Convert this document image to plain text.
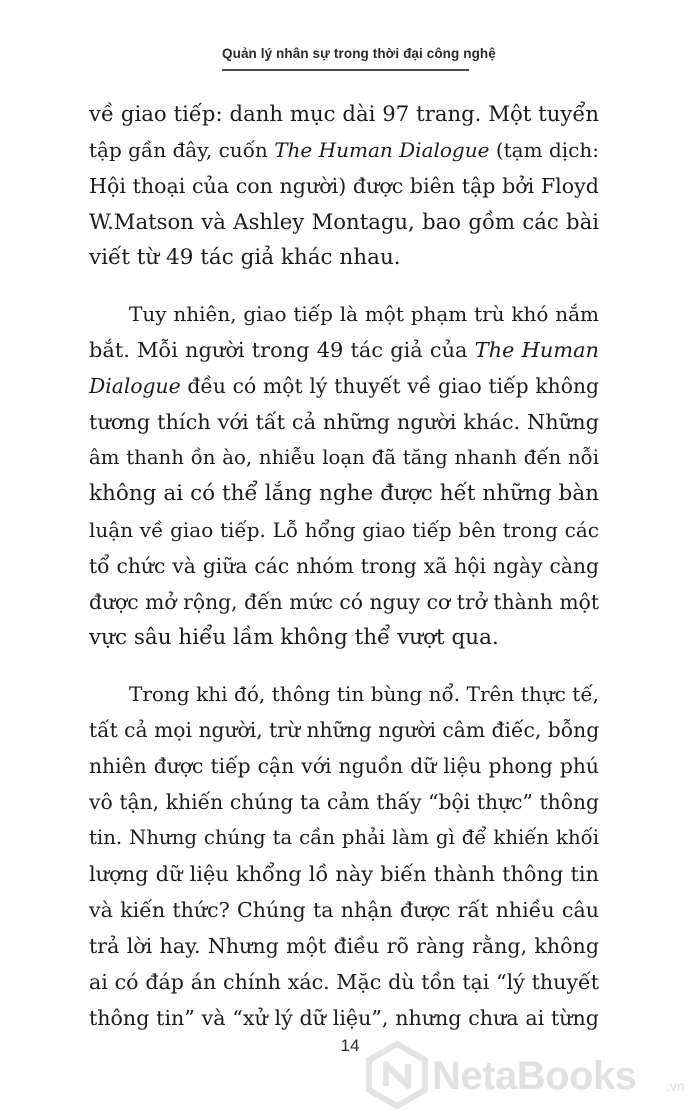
Quản lý nhân sự trong thời đại công nghệ
về giao tiếp: danh mục dài 97 trang. Một tuyển
tập gần đây, cuốn The Human Dialogue (tạm dịch:
Hội thoại của con người) được biên tập bởi Floyd
W.Matson và Ashley Montagu, bao gồm các bài
viết từ 49 tác giả khác nhau.
Tuy nhiên, giao tiếp là một phạm trù khó nắm
bắt. Mỗi người trong 49 tác giả của The Human
Dialogue đều có một lý thuyết về giao tiếp không
tương thích với tất cả những người khác. Những
âm thanh ồn ào, nhiễu loạn đã tăng nhanh đến nỗi
không ai có thể lắng nghe được hết những bàn
luận về giao tiếp. Lỗ hổng giao tiếp bên trong các
tổ chức và giữa các nhóm trong xã hội ngày càng
được mở rộng, đến mức có nguy cơ trở thành một
vực sâu hiểu lầm không thể vượt qua.
Trong khi đó, thông tin bùng nổ. Trên thực tế,
tất cả mọi người, trừ những người câm điếc, bỗng
nhiên được tiếp cận với nguồn dữ liệu phong phú
vô tận, khiến chúng ta cảm thấy “bội thực” thông
tin. Nhưng chúng ta cần phải làm gì để khiến khối
lượng dữ liệu khổng lồ này biến thành thông tin
và kiến thức? Chúng ta nhận được rất nhiều câu
trả lời hay. Nhưng một điều rõ ràng rằng, không
ai có đáp án chính xác. Mặc dù tồn tại “lý thuyết
thông tin” và “xử lý dữ liệu”, nhưng chưa ai từng
14
NetaBooks .vn
